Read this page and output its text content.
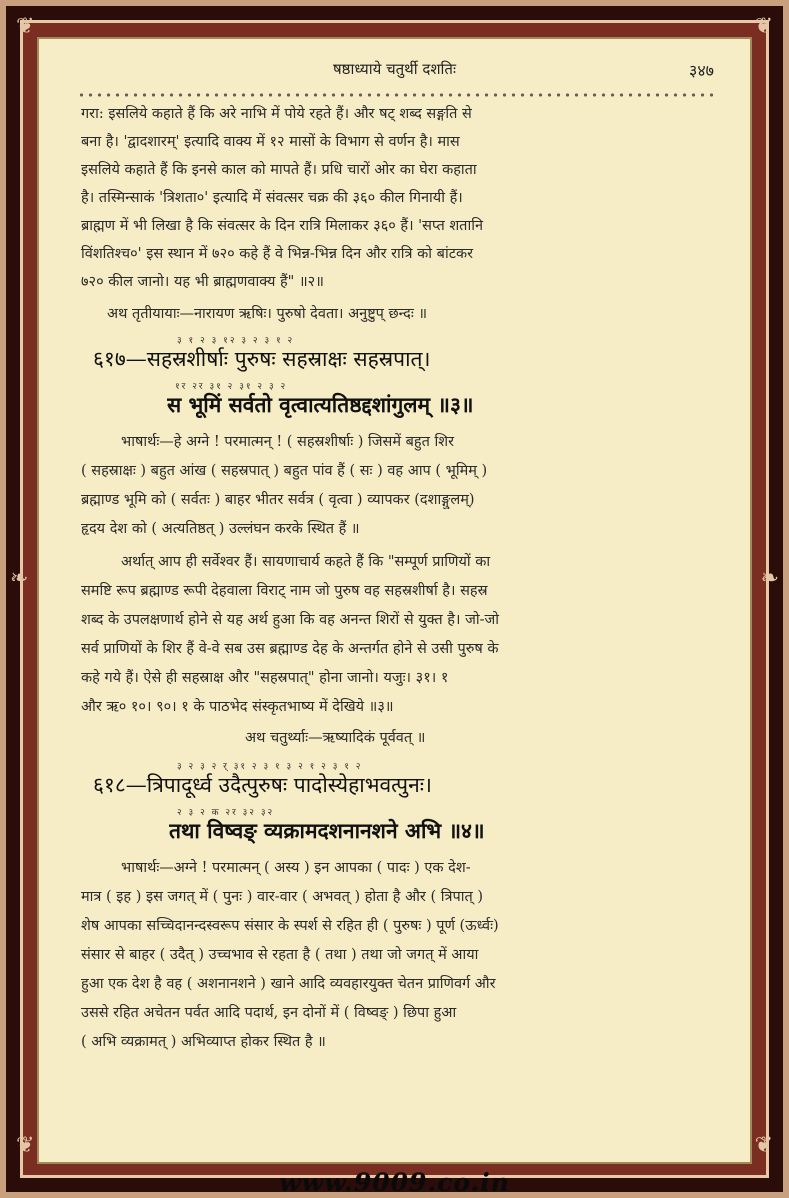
❦	❦
❦	❦
❧	❧
षष्ठाध्याये चतुर्थी दशतिः	३४७
गरा: इसलिये कहाते हैं कि अरे नाभि में पोये रहते हैं। और षट् शब्द सङ्गति से
बना है। 'द्वादशारम्' इत्यादि वाक्य में १२ मासों के विभाग से वर्णन है। मास
इसलिये कहाते हैं कि इनसे काल को मापते हैं। प्रधि चारों ओर का घेरा कहाता
है। तस्मिन्साकं 'त्रिशता०' इत्यादि में संवत्सर चक्र की ३६० कील गिनायी हैं।
ब्राह्मण में भी लिखा है कि संवत्सर के दिन रात्रि मिलाकर ३६० हैं। 'सप्त शतानि
विंशतिश्च०' इस स्थान में ७२० कहे हैं वे भिन्न-भिन्न दिन और रात्रि को बांटकर
७२० कील जानो। यह भी ब्राह्मणवाक्य हैं" ॥२॥
अथ तृतीयायाः—नारायण ऋषिः। पुरुषो देवता। अनुष्टुप् छन्दः ॥
३ १ २ ३ १२ ३ २ ३ १ २
६१७—सहस्रशीर्षाः पुरुषः सहस्राक्षः सहस्रपात्।
१र २र ३१ २ ३१ २ ३ २
स भूमिं सर्वतो वृत्वात्यतिष्ठद्दशांगुलम् ॥३॥
भाषार्थः—हे अग्ने ! परमात्मन् ! ( सहस्रशीर्षाः ) जिसमें बहुत शिर
( सहस्राक्षः ) बहुत आंख ( सहस्रपात् ) बहुत पांव हैं ( सः ) वह आप ( भूमिम् )
ब्रह्माण्ड भूमि को ( सर्वतः ) बाहर भीतर सर्वत्र ( वृत्वा ) व्यापकर (दशाङ्गुलम्)
हृदय देश को ( अत्यतिष्ठत् ) उल्लंघन करके स्थित हैं ॥
अर्थात् आप ही सर्वेश्वर हैं। सायणाचार्य कहते हैं कि "सम्पूर्ण प्राणियों का
समष्टि रूप ब्रह्माण्ड रूपी देहवाला विराट् नाम जो पुरुष वह सहस्रशीर्षा है। सहस्र
शब्द के उपलक्षणार्थ होने से यह अर्थ हुआ कि वह अनन्त शिरों से युक्त है। जो-जो
सर्व प्राणियों के शिर हैं वे-वे सब उस ब्रह्माण्ड देह के अन्तर्गत होने से उसी पुरुष के
कहे गये हैं। ऐसे ही सहस्राक्ष और "सहस्रपात्" होना जानो। यजुः। ३१। १
और ऋ० १०। ९०। १ के पाठभेद संस्कृतभाष्य में देखिये ॥३॥
अथ चतुर्थ्याः—ऋष्यादिकं पूर्ववत् ॥
३ २ ३ २ र् ३१ २ ३ १ ३ २ १ २ ३ १ २
६१८—त्रिपादूर्ध्व उदैत्पुरुषः पादोस्येहाभवत्पुनः।
२ ३ २ क २र ३२ ३२
तथा विष्वङ् व्यक्रामदशनानशने अभि ॥४॥
भाषार्थः—अग्ने ! परमात्मन् ( अस्य ) इन आपका ( पादः ) एक देश-
मात्र ( इह ) इस जगत् में ( पुनः ) वार-वार ( अभवत् ) होता है और ( त्रिपात् )
शेष आपका सच्चिदानन्दस्वरूप संसार के स्पर्श से रहित ही ( पुरुषः ) पूर्ण (ऊर्ध्वः)
संसार से बाहर ( उदैत् ) उच्चभाव से रहता है ( तथा ) तथा जो जगत् में आया
हुआ एक देश है वह ( अशनानशने ) खाने आदि व्यवहारयुक्त चेतन प्राणिवर्ग और
उससे रहित अचेतन पर्वत आदि पदार्थ, इन दोनों में ( विष्वङ् ) छिपा हुआ
( अभि व्यक्रामत् ) अभिव्याप्त होकर स्थित है ॥
www.9009.co.in
